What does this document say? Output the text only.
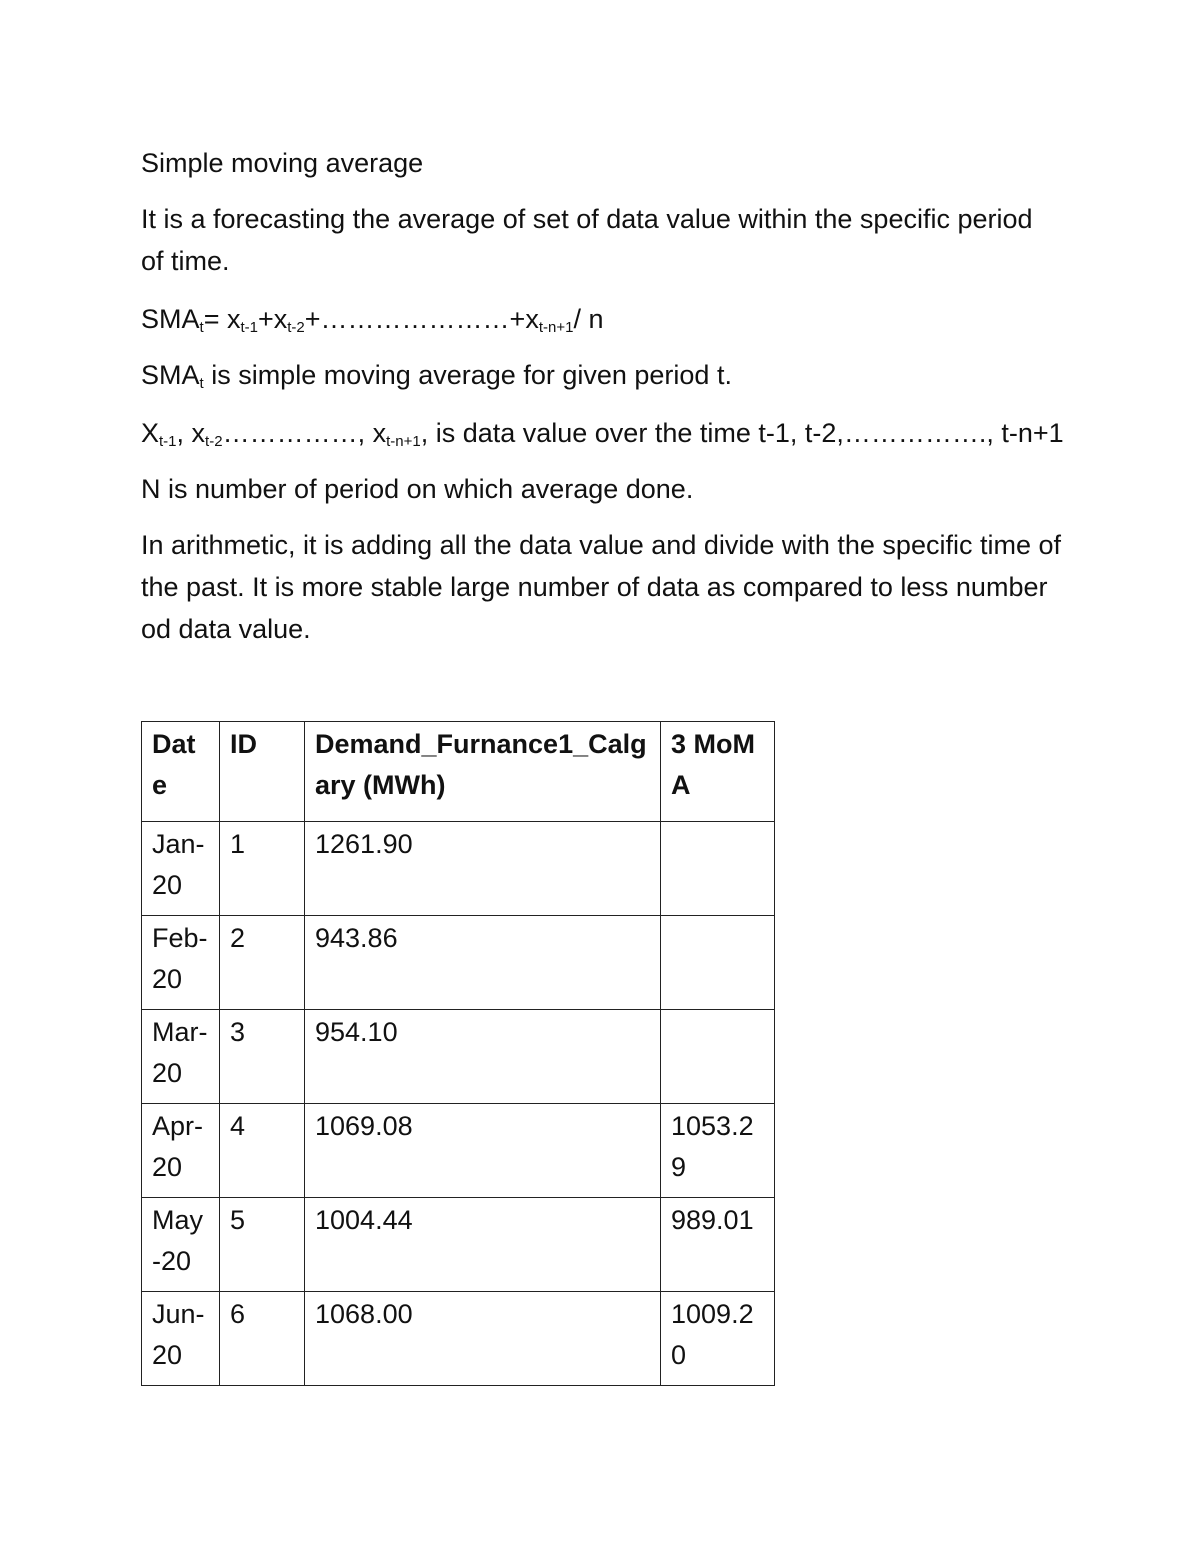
Simple moving average

It is a forecasting the average of set of data value within the specific period of time.

$SMA_t=$ $x_{t-1}+x_{t-2}+\dots\dots\dots\dots\dots\dots\dots+x_{t-n+1}/$ n

$SMA_t$ is simple moving average for given period t.

$X_{t-1}$, $x_{t-2}\dots\dots\dots\dots\dots$, $x_{t-n+1}$, is data value over the time t-1, t-2,……………., t-n+1

N is number of period on which average done.

In arithmetic, it is adding all the data value and divide with the specific time of the past. It is more stable large number of data as compared to less number od data value.

Date	ID	Demand_Furnance1_Calgary (MWh)	3 MoMA
Jan-20	1	1261.90	
Feb-20	2	943.86	
Mar-20	3	954.10	
Apr-20	4	1069.08	1053.29
May-20	5	1004.44	989.01
Jun-20	6	1068.00	1009.20
